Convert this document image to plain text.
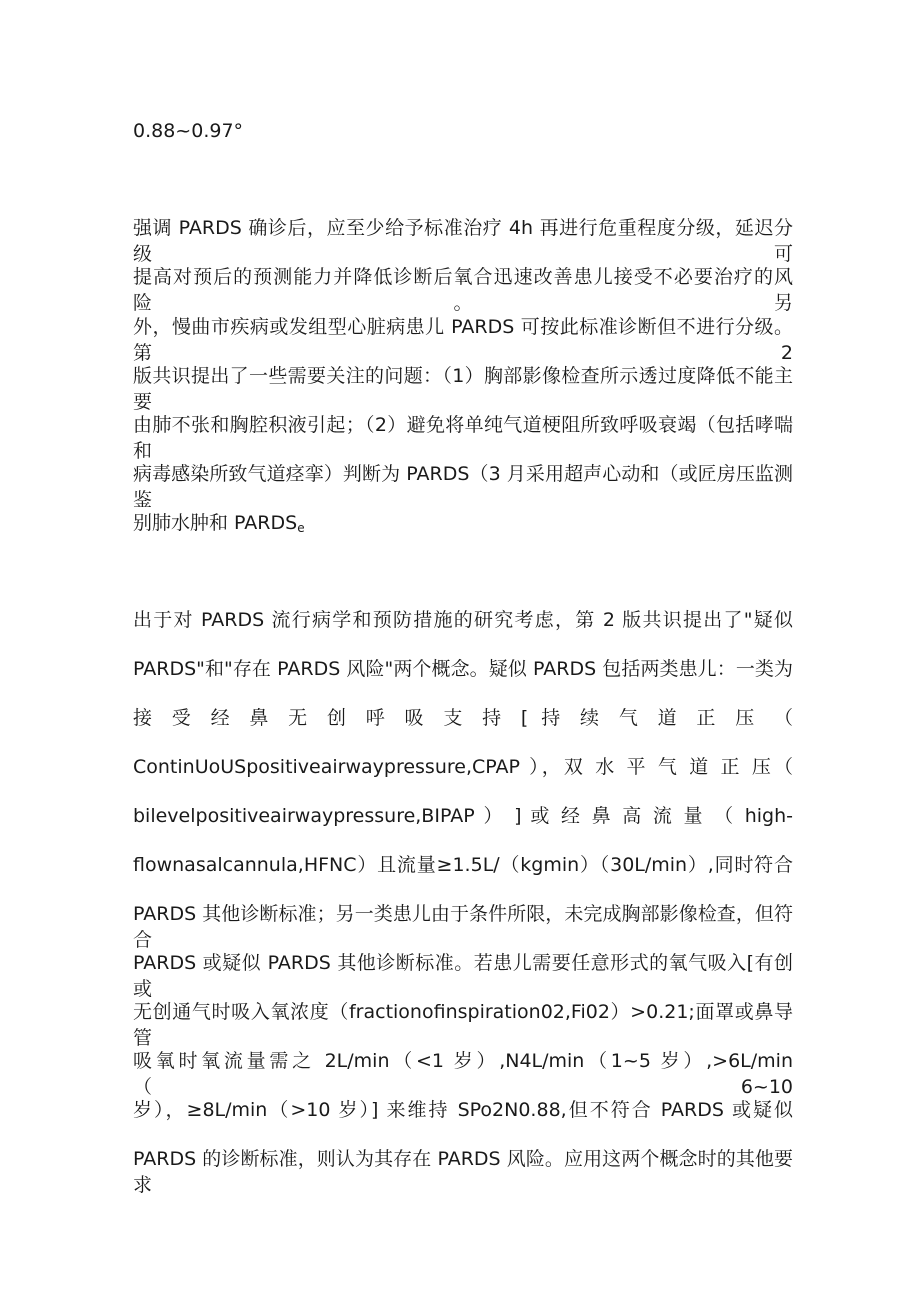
0.88~0.97°
强调 PARDS 确诊后，应至少给予标准治疗 4h 再进行危重程度分级，延迟分级可
提高对预后的预测能力并降低诊断后氧合迅速改善患儿接受不必要治疗的风险。另
外，慢曲市疾病或发组型心脏病患儿 PARDS 可按此标准诊断但不进行分级。第 2
版共识提出了一些需要关注的问题：（1）胸部影像检查所示透过度降低不能主要
由肺不张和胸腔积液引起；（2）避免将单纯气道梗阻所致呼吸衰竭（包括哮喘和
病毒感染所致气道痉挛）判断为 PARDS（3 月采用超声心动和（或匠房压监测鉴
别肺水肿和 $PARDS_e$
出于对 PARDS 流行病学和预防措施的研究考虑，第 2 版共识提出了"疑似
PARDS"和"存在 PARDS 风险"两个概念。疑似 PARDS 包括两类患儿：一类为
接 受 经 鼻 无 创 呼 吸 支 持 [ 持 续 气 道 正 压 （
ContinUoUSpositiveairwaypressure,CPAP ），双 水 平 气 道 正 压（
bilevelpositiveairwaypressure,BIPAP ） ] 或 经 鼻 高 流 量 （ high-
flownasalcannula,HFNC）且流量≥1.5L∕（kgmin）（30L/min）,同时符合
PARDS 其他诊断标准；另一类患儿由于条件所限，未完成胸部影像检查，但符合
PARDS 或疑似 PARDS 其他诊断标准。若患儿需要任意形式的氧气吸入[有创或
无创通气时吸入氧浓度（fractionofinspiration02,Fi02）>0.21;面罩或鼻导管
吸氧时氧流量需之 2L/min（<1 岁）,N4L/min（1~5 岁）,>6L/min（6~10
岁），≥8L/min（>10 岁）] 来维持 SPo2N0.88,但不符合 PARDS 或疑似
PARDS 的诊断标准，则认为其存在 PARDS 风险。应用这两个概念时的其他要求
